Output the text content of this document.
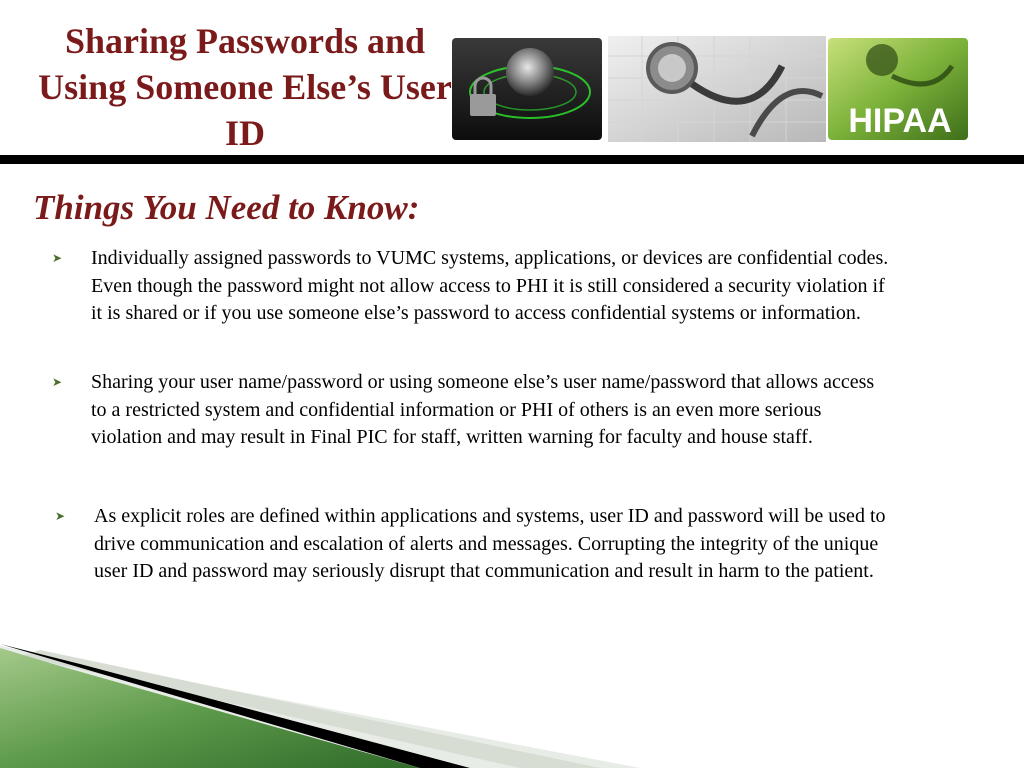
Sharing Passwords and Using Someone Else’s User ID	HIPAA
Things You Need to Know:
➤ Individually assigned passwords to VUMC systems, applications, or devices are confidential codes. Even though the password might not allow access to PHI it is still considered a security violation if it is shared or if you use someone else’s password to access confidential systems or information.
➤ Sharing your user name/password or using someone else’s user name/password that allows access to a restricted system and confidential information or PHI of others is an even more serious violation and may result in Final PIC for staff, written warning for faculty and house staff.
➤ As explicit roles are defined within applications and systems, user ID and password will be used to drive communication and escalation of alerts and messages. Corrupting the integrity of the unique user ID and password may seriously disrupt that communication and result in harm to the patient.
